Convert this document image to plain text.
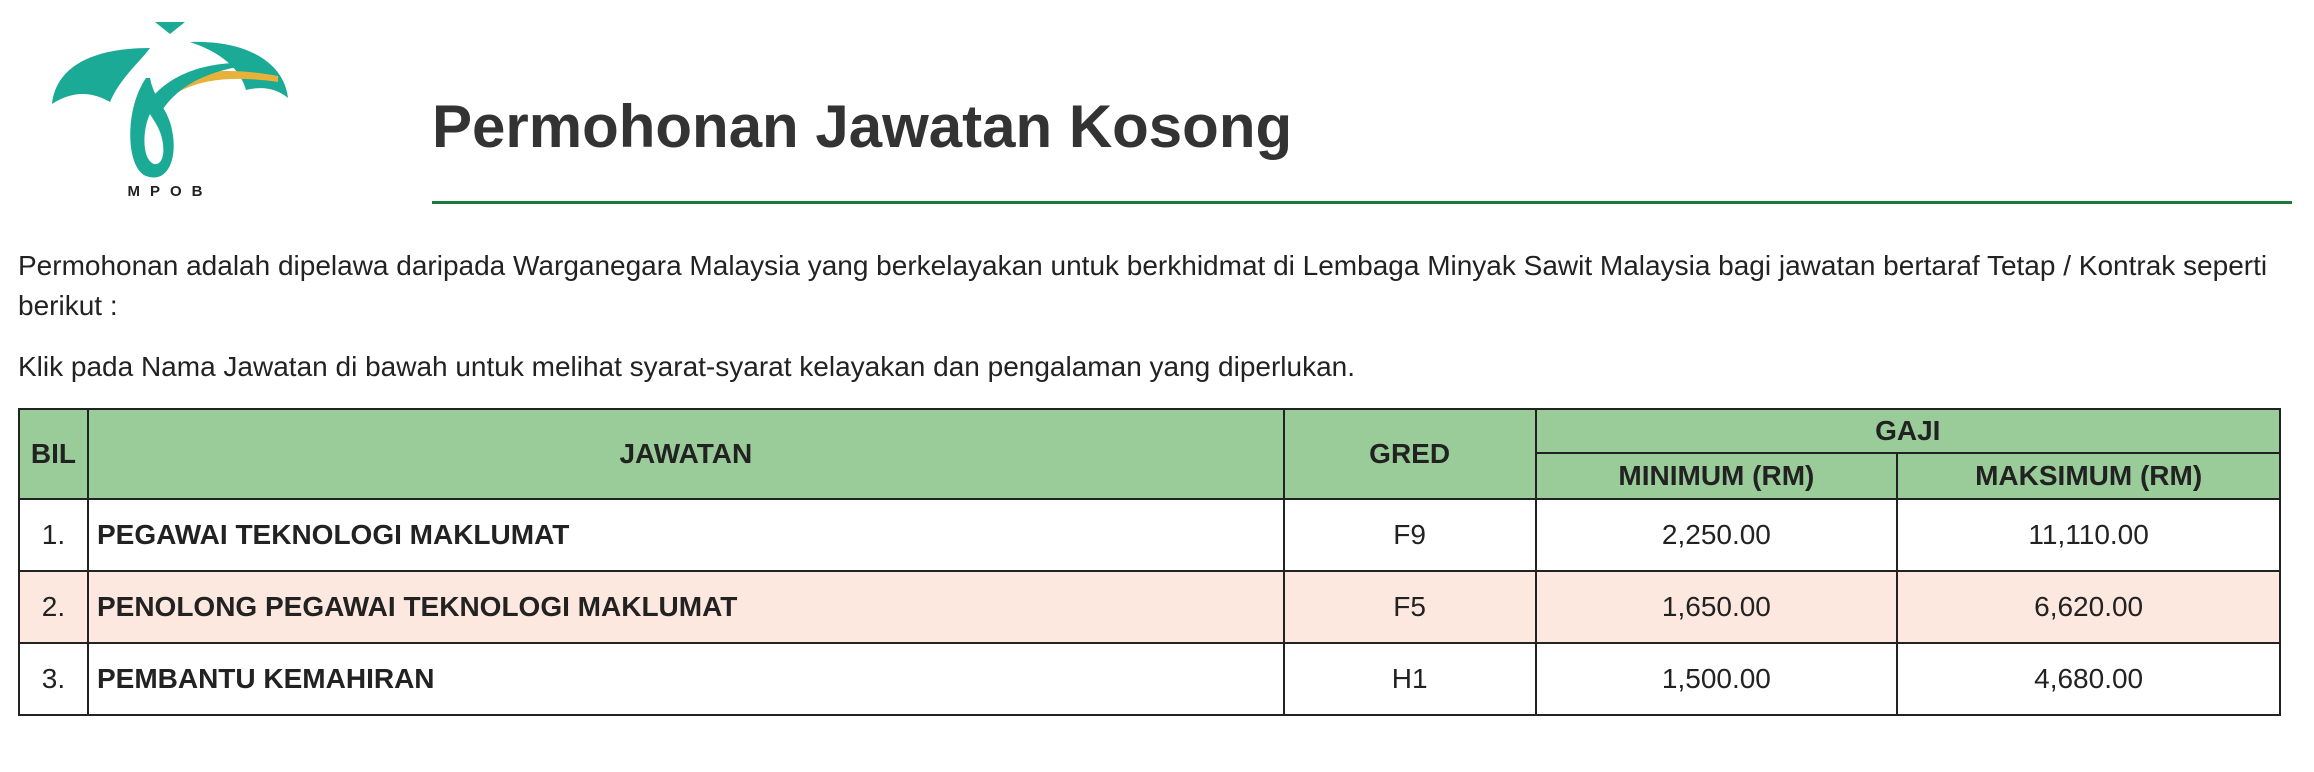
MPOB
Permohonan Jawatan Kosong

Permohonan adalah dipelawa daripada Warganegara Malaysia yang berkelayakan untuk berkhidmat di Lembaga Minyak Sawit Malaysia bagi jawatan bertaraf Tetap / Kontrak seperti berikut :

Klik pada Nama Jawatan di bawah untuk melihat syarat-syarat kelayakan dan pengalaman yang diperlukan.

BIL	JAWATAN	GRED	GAJI	
			MINIMUM (RM)	MAKSIMUM (RM)
1.	PEGAWAI TEKNOLOGI MAKLUMAT	F9	2,250.00	11,110.00
2.	PENOLONG PEGAWAI TEKNOLOGI MAKLUMAT	F5	1,650.00	6,620.00
3.	PEMBANTU KEMAHIRAN	H1	1,500.00	4,680.00
